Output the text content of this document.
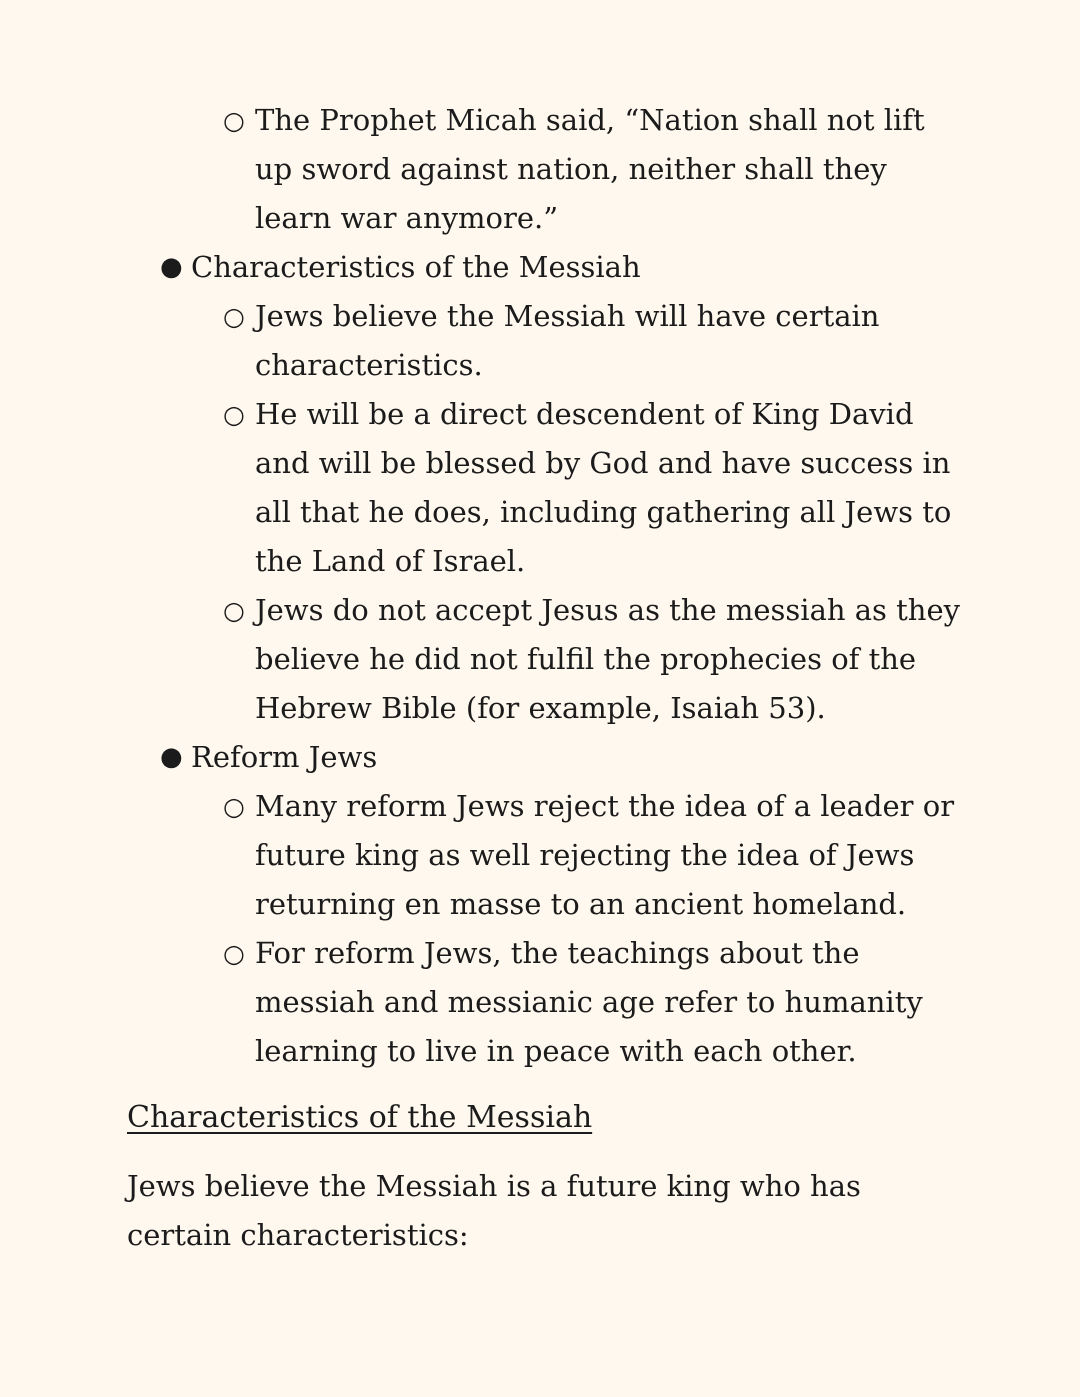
○ The Prophet Micah said, “Nation shall not lift up sword against nation, neither shall they learn war anymore.”
● Characteristics of the Messiah
○ Jews believe the Messiah will have certain characteristics.
○ He will be a direct descendent of King David and will be blessed by God and have success in all that he does, including gathering all Jews to the Land of Israel.
○ Jews do not accept Jesus as the messiah as they believe he did not fulfil the prophecies of the Hebrew Bible (for example, Isaiah 53).
● Reform Jews
○ Many reform Jews reject the idea of a leader or future king as well rejecting the idea of Jews returning en masse to an ancient homeland.
○ For reform Jews, the teachings about the messiah and messianic age refer to humanity learning to live in peace with each other.
Characteristics of the Messiah
Jews believe the Messiah is a future king who has certain characteristics:
